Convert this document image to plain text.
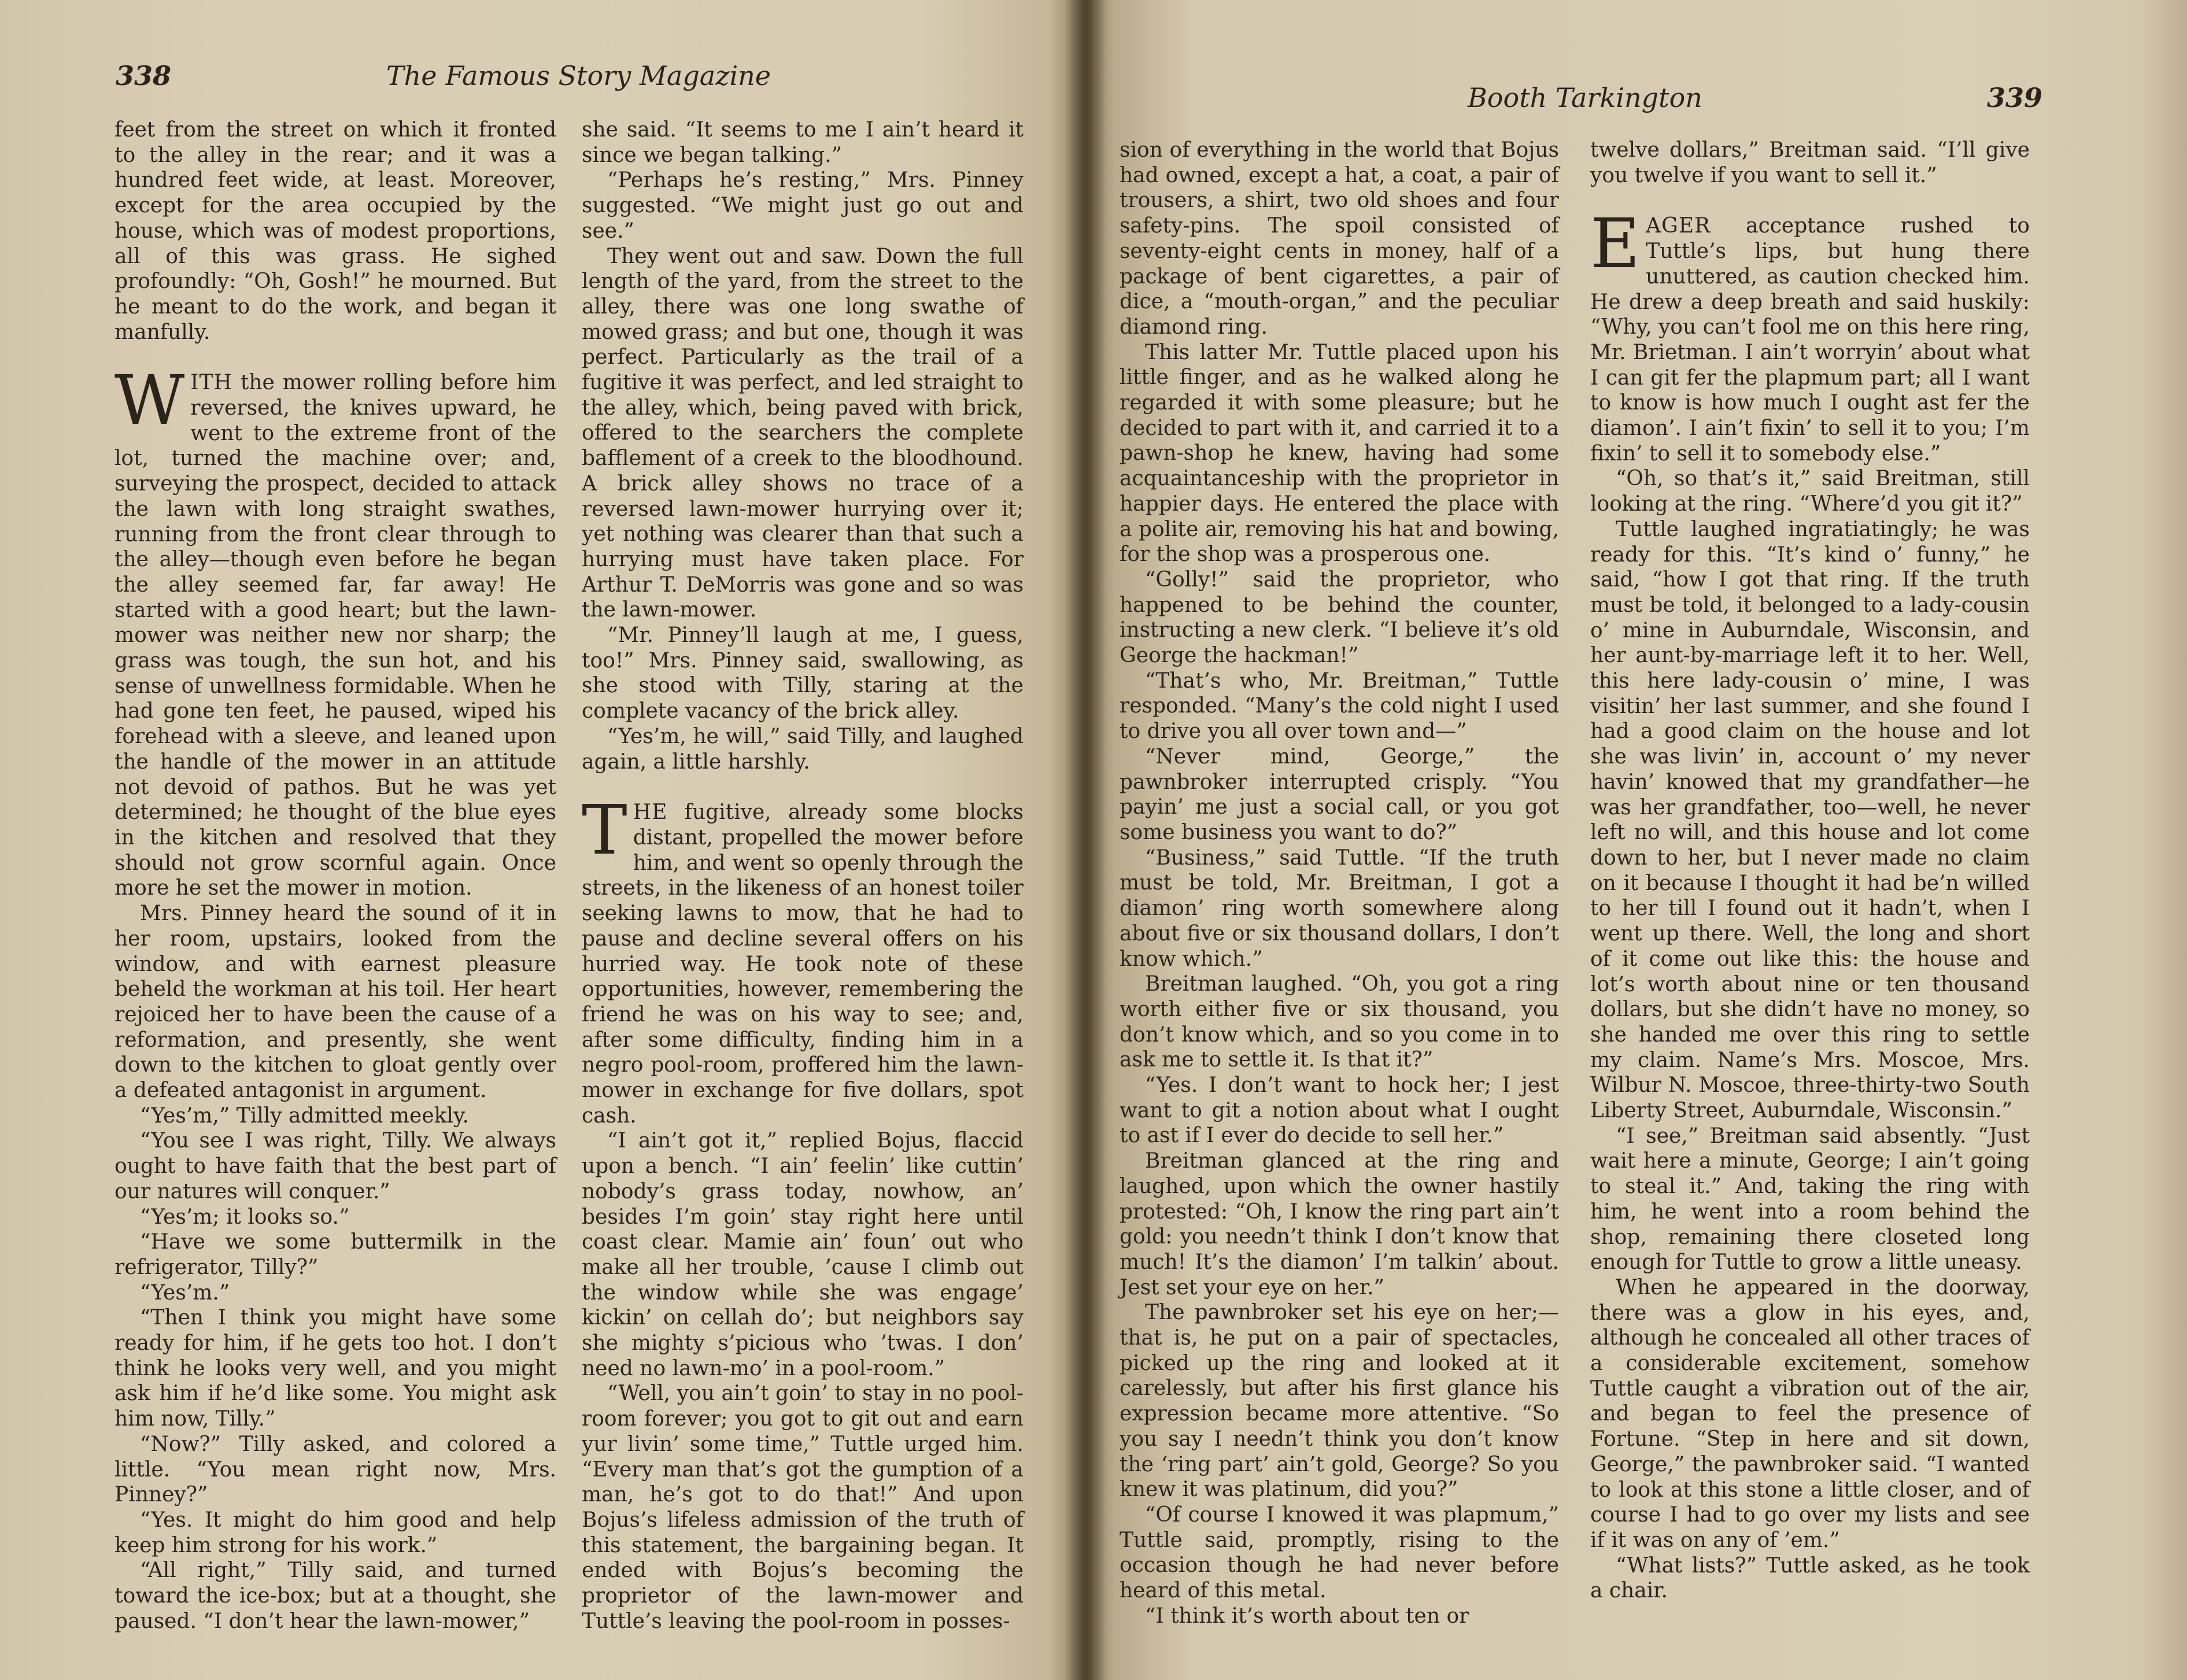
338	The Famous Story Magazine

feet from the street on which it fronted to the alley in the rear; and it was a hundred feet wide, at least. Moreover, except for the area occupied by the house, which was of modest proportions, all of this was grass. He sighed profoundly: “Oh, Gosh!” he mourned. But he meant to do the work, and began it manfully.

WITH the mower rolling before him reversed, the knives upward, he went to the extreme front of the lot, turned the machine over; and, surveying the prospect, decided to attack the lawn with long straight swathes, running from the front clear through to the alley—though even before he began the alley seemed far, far away! He started with a good heart; but the lawn-mower was neither new nor sharp; the grass was tough, the sun hot, and his sense of unwellness formidable. When he had gone ten feet, he paused, wiped his forehead with a sleeve, and leaned upon the handle of the mower in an attitude not devoid of pathos. But he was yet determined; he thought of the blue eyes in the kitchen and resolved that they should not grow scornful again. Once more he set the mower in motion.

Mrs. Pinney heard the sound of it in her room, upstairs, looked from the window, and with earnest pleasure beheld the workman at his toil. Her heart rejoiced her to have been the cause of a reformation, and presently, she went down to the kitchen to gloat gently over a defeated antagonist in argument.

“Yes’m,” Tilly admitted meekly.

“You see I was right, Tilly. We always ought to have faith that the best part of our natures will conquer.”

“Yes’m; it looks so.”

“Have we some buttermilk in the refrigerator, Tilly?”

“Yes’m.”

“Then I think you might have some ready for him, if he gets too hot. I don’t think he looks very well, and you might ask him if he’d like some. You might ask him now, Tilly.”

“Now?” Tilly asked, and colored a little. “You mean right now, Mrs. Pinney?”

“Yes. It might do him good and help keep him strong for his work.”

“All right,” Tilly said, and turned toward the ice-box; but at a thought, she paused. “I don’t hear the lawn-mower,”

she said. “It seems to me I ain’t heard it since we began talking.”

“Perhaps he’s resting,” Mrs. Pinney suggested. “We might just go out and see.”

They went out and saw. Down the full length of the yard, from the street to the alley, there was one long swathe of mowed grass; and but one, though it was perfect. Particularly as the trail of a fugitive it was perfect, and led straight to the alley, which, being paved with brick, offered to the searchers the complete bafflement of a creek to the bloodhound. A brick alley shows no trace of a reversed lawn-mower hurrying over it; yet nothing was clearer than that such a hurrying must have taken place. For Arthur T. DeMorris was gone and so was the lawn-mower.

“Mr. Pinney’ll laugh at me, I guess, too!” Mrs. Pinney said, swallowing, as she stood with Tilly, staring at the complete vacancy of the brick alley.

“Yes’m, he will,” said Tilly, and laughed again, a little harshly.

THE fugitive, already some blocks distant, propelled the mower before him, and went so openly through the streets, in the likeness of an honest toiler seeking lawns to mow, that he had to pause and decline several offers on his hurried way. He took note of these opportunities, however, remembering the friend he was on his way to see; and, after some difficulty, finding him in a negro pool-room, proffered him the lawn-mower in exchange for five dollars, spot cash.

“I ain’t got it,” replied Bojus, flaccid upon a bench. “I ain’ feelin’ like cuttin’ nobody’s grass today, nowhow, an’ besides I’m goin’ stay right here until coast clear. Mamie ain’ foun’ out who make all her trouble, ’cause I climb out the window while she was engage’ kickin’ on cellah do’; but neighbors say she mighty s’picious who ’twas. I don’ need no lawn-mo’ in a pool-room.”

“Well, you ain’t goin’ to stay in no pool-room forever; you got to git out and earn yur livin’ some time,” Tuttle urged him. “Every man that’s got the gumption of a man, he’s got to do that!” And upon Bojus’s lifeless admission of the truth of this statement, the bargaining began. It ended with Bojus’s becoming the proprietor of the lawn-mower and Tuttle’s leaving the pool-room in posses-

Booth Tarkington	339

sion of everything in the world that Bojus had owned, except a hat, a coat, a pair of trousers, a shirt, two old shoes and four safety-pins. The spoil consisted of seventy-eight cents in money, half of a package of bent cigarettes, a pair of dice, a “mouth-organ,” and the peculiar diamond ring.

This latter Mr. Tuttle placed upon his little finger, and as he walked along he regarded it with some pleasure; but he decided to part with it, and carried it to a pawn-shop he knew, having had some acquaintanceship with the proprietor in happier days. He entered the place with a polite air, removing his hat and bowing, for the shop was a prosperous one.

“Golly!” said the proprietor, who happened to be behind the counter, instructing a new clerk. “I believe it’s old George the hackman!”

“That’s who, Mr. Breitman,” Tuttle responded. “Many’s the cold night I used to drive you all over town and—”

“Never mind, George,” the pawnbroker interrupted crisply. “You payin’ me just a social call, or you got some business you want to do?”

“Business,” said Tuttle. “If the truth must be told, Mr. Breitman, I got a diamon’ ring worth somewhere along about five or six thousand dollars, I don’t know which.”

Breitman laughed. “Oh, you got a ring worth either five or six thousand, you don’t know which, and so you come in to ask me to settle it. Is that it?”

“Yes. I don’t want to hock her; I jest want to git a notion about what I ought to ast if I ever do decide to sell her.”

Breitman glanced at the ring and laughed, upon which the owner hastily protested: “Oh, I know the ring part ain’t gold: you needn’t think I don’t know that much! It’s the diamon’ I’m talkin’ about. Jest set your eye on her.”

The pawnbroker set his eye on her;—that is, he put on a pair of spectacles, picked up the ring and looked at it carelessly, but after his first glance his expression became more attentive. “So you say I needn’t think you don’t know the ‘ring part’ ain’t gold, George? So you knew it was platinum, did you?”

“Of course I knowed it was plapmum,” Tuttle said, promptly, rising to the occasion though he had never before heard of this metal.

“I think it’s worth about ten or

twelve dollars,” Breitman said. “I’ll give you twelve if you want to sell it.”

EAGER acceptance rushed to Tuttle’s lips, but hung there unuttered, as caution checked him. He drew a deep breath and said huskily: “Why, you can’t fool me on this here ring, Mr. Brietman. I ain’t worryin’ about what I can git fer the plapmum part; all I want to know is how much I ought ast fer the diamon’. I ain’t fixin’ to sell it to you; I’m fixin’ to sell it to somebody else.”

“Oh, so that’s it,” said Breitman, still looking at the ring. “Where’d you git it?”

Tuttle laughed ingratiatingly; he was ready for this. “It’s kind o’ funny,” he said, “how I got that ring. If the truth must be told, it belonged to a lady-cousin o’ mine in Auburndale, Wisconsin, and her aunt-by-marriage left it to her. Well, this here lady-cousin o’ mine, I was visitin’ her last summer, and she found I had a good claim on the house and lot she was livin’ in, account o’ my never havin’ knowed that my grandfather—he was her grandfather, too—well, he never left no will, and this house and lot come down to her, but I never made no claim on it because I thought it had be’n willed to her till I found out it hadn’t, when I went up there. Well, the long and short of it come out like this: the house and lot’s worth about nine or ten thousand dollars, but she didn’t have no money, so she handed me over this ring to settle my claim. Name’s Mrs. Moscoe, Mrs. Wilbur N. Moscoe, three-thirty-two South Liberty Street, Auburndale, Wisconsin.”

“I see,” Breitman said absently. “Just wait here a minute, George; I ain’t going to steal it.” And, taking the ring with him, he went into a room behind the shop, remaining there closeted long enough for Tuttle to grow a little uneasy.

When he appeared in the doorway, there was a glow in his eyes, and, although he concealed all other traces of a considerable excitement, somehow Tuttle caught a vibration out of the air, and began to feel the presence of Fortune. “Step in here and sit down, George,” the pawnbroker said. “I wanted to look at this stone a little closer, and of course I had to go over my lists and see if it was on any of ’em.”

“What lists?” Tuttle asked, as he took a chair.
